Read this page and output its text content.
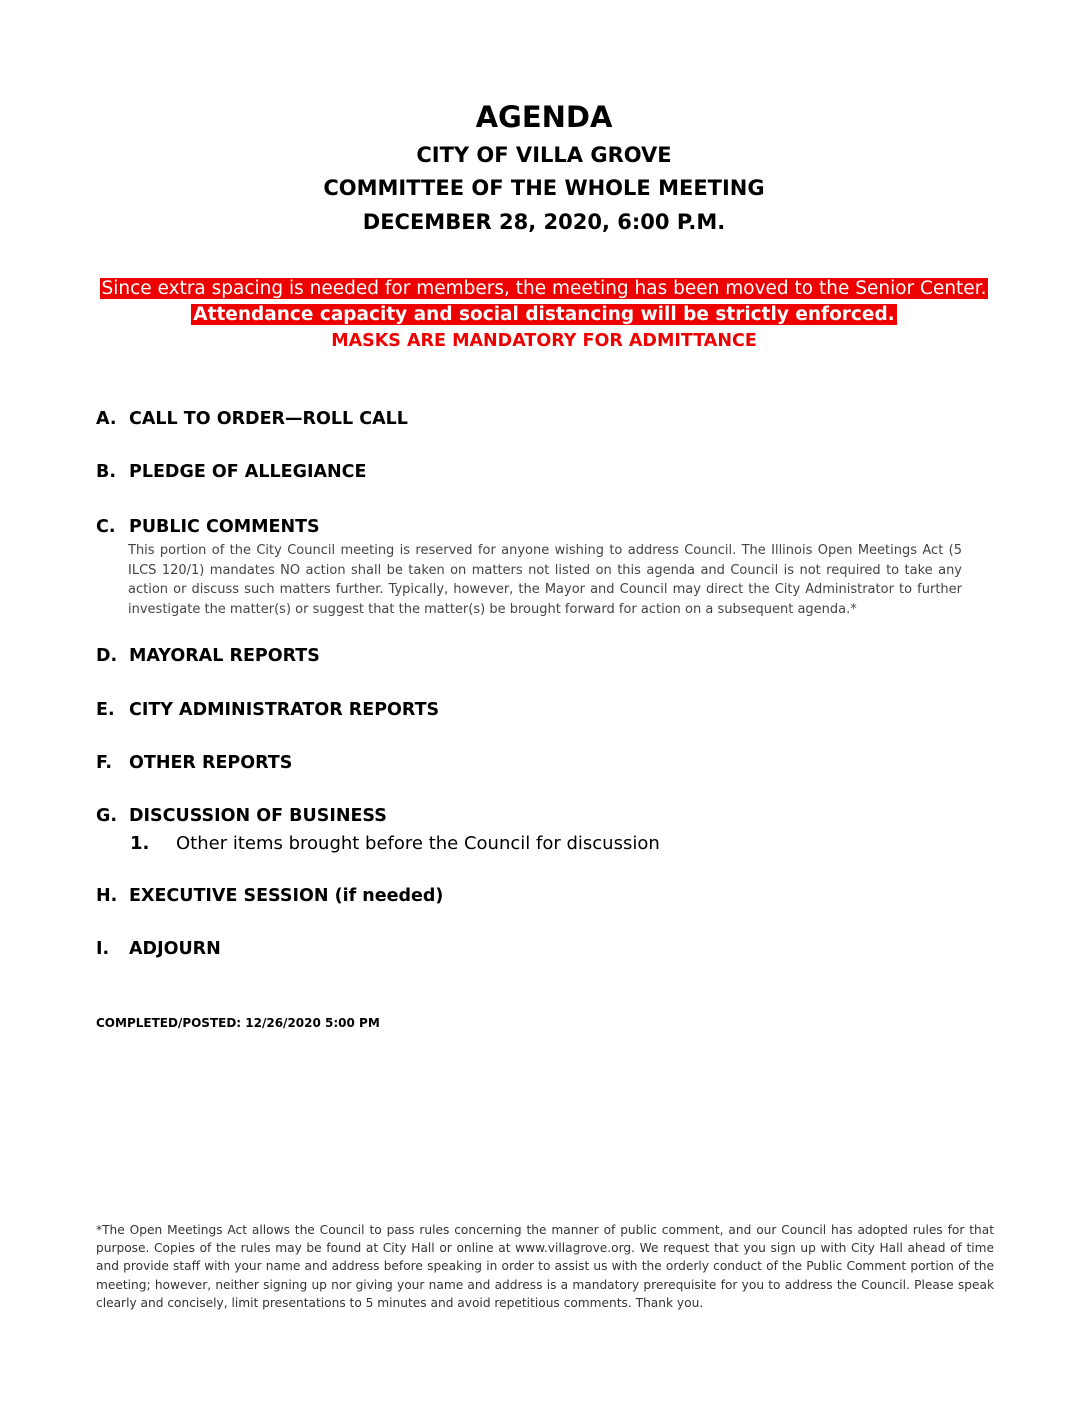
AGENDA
CITY OF VILLA GROVE
COMMITTEE OF THE WHOLE MEETING
DECEMBER 28, 2020, 6:00 P.M.
Since extra spacing is needed for members, the meeting has been moved to the Senior Center.
Attendance capacity and social distancing will be strictly enforced.
MASKS ARE MANDATORY FOR ADMITTANCE
A. CALL TO ORDER—ROLL CALL
B. PLEDGE OF ALLEGIANCE
C. PUBLIC COMMENTS
This portion of the City Council meeting is reserved for anyone wishing to address Council. The Illinois Open Meetings Act (5 ILCS 120/1) mandates NO action shall be taken on matters not listed on this agenda and Council is not required to take any action or discuss such matters further. Typically, however, the Mayor and Council may direct the City Administrator to further investigate the matter(s) or suggest that the matter(s) be brought forward for action on a subsequent agenda.*
D. MAYORAL REPORTS
E. CITY ADMINISTRATOR REPORTS
F. OTHER REPORTS
G. DISCUSSION OF BUSINESS
1. Other items brought before the Council for discussion
H. EXECUTIVE SESSION (if needed)
I. ADJOURN
COMPLETED/POSTED: 12/26/2020 5:00 PM
*The Open Meetings Act allows the Council to pass rules concerning the manner of public comment, and our Council has adopted rules for that purpose. Copies of the rules may be found at City Hall or online at www.villagrove.org. We request that you sign up with City Hall ahead of time and provide staff with your name and address before speaking in order to assist us with the orderly conduct of the Public Comment portion of the meeting; however, neither signing up nor giving your name and address is a mandatory prerequisite for you to address the Council. Please speak clearly and concisely, limit presentations to 5 minutes and avoid repetitious comments. Thank you.
